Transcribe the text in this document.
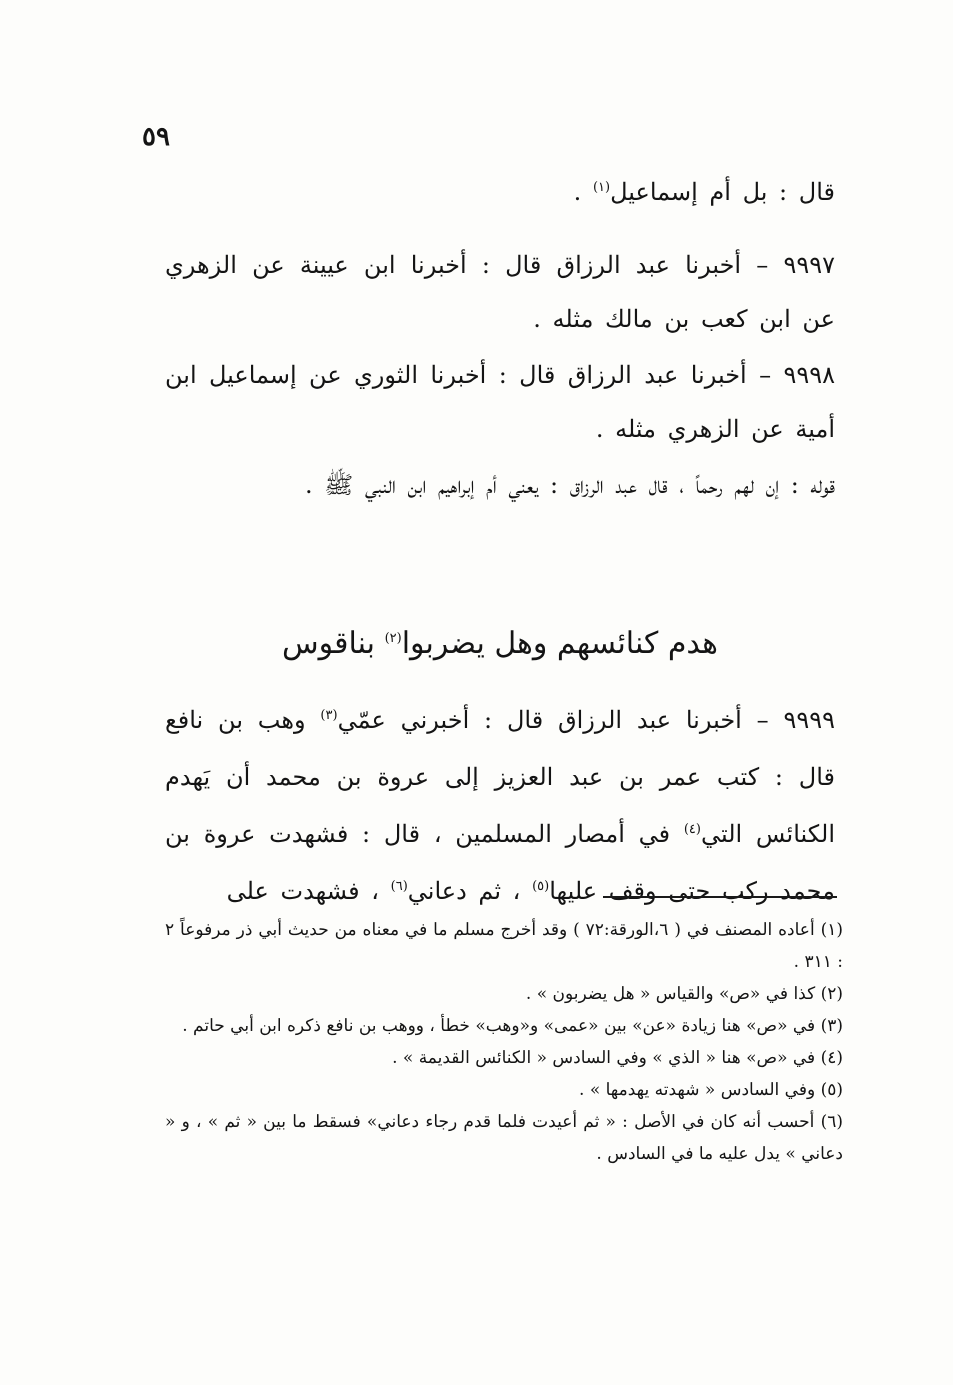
٥٩

قال : بل أم إسماعيل$^{(١)}$ .

٩٩٩٧ – أخبرنا عبد الرزاق قال : أخبرنا ابن عيينة عن الزهري عن ابن كعب بن مالك مثله .

٩٩٩٨ – أخبرنا عبد الرزاق قال : أخبرنا الثوري عن إسماعيل ابن أمية عن الزهري مثله .

قوله : إن لهم رحماً ، قال عبد الرزاق : يعني أم إبراهيم ابن النبي ﷺ .

هدم كنائسهم وهل يضربوا$^{(٢)}$ بناقوس

٩٩٩٩ – أخبرنا عبد الرزاق قال : أخبرني عمّي$^{(٣)}$ وهب بن نافع قال : كتب عمر بن عبد العزيز إلى عروة بن محمد أن يَهدم الكنائس التي$^{(٤)}$ في أمصار المسلمين ، قال : فشهدت عروة بن محمد ركب حتى وقف عليها$^{(٥)}$ ، ثم دعاني$^{(٦)}$ ، فشهدت على

(١) أعاده المصنف في ( ٦،الورقة:٧٢ ) وقد أخرج مسلم ما في معناه من حديث أبي ذر مرفوعاً ٢ : ٣١١ .

(٢) كذا في «ص» والقياس « هل يضربون » .

(٣) في «ص» هنا زيادة «عن» بين «عمى» و«وهب» خطأ ، ووهب بن نافع ذكره ابن أبي حاتم .

(٤) في «ص» هنا « الذي » وفي السادس « الكنائس القديمة » .

(٥) وفي السادس « شهدته يهدمها » .

(٦) أحسب أنه كان في الأصل : « ثم أعيدت فلما قدم رجاء دعاني» فسقط ما بين « ثم » ، و « دعاني » يدل عليه ما في السادس .
